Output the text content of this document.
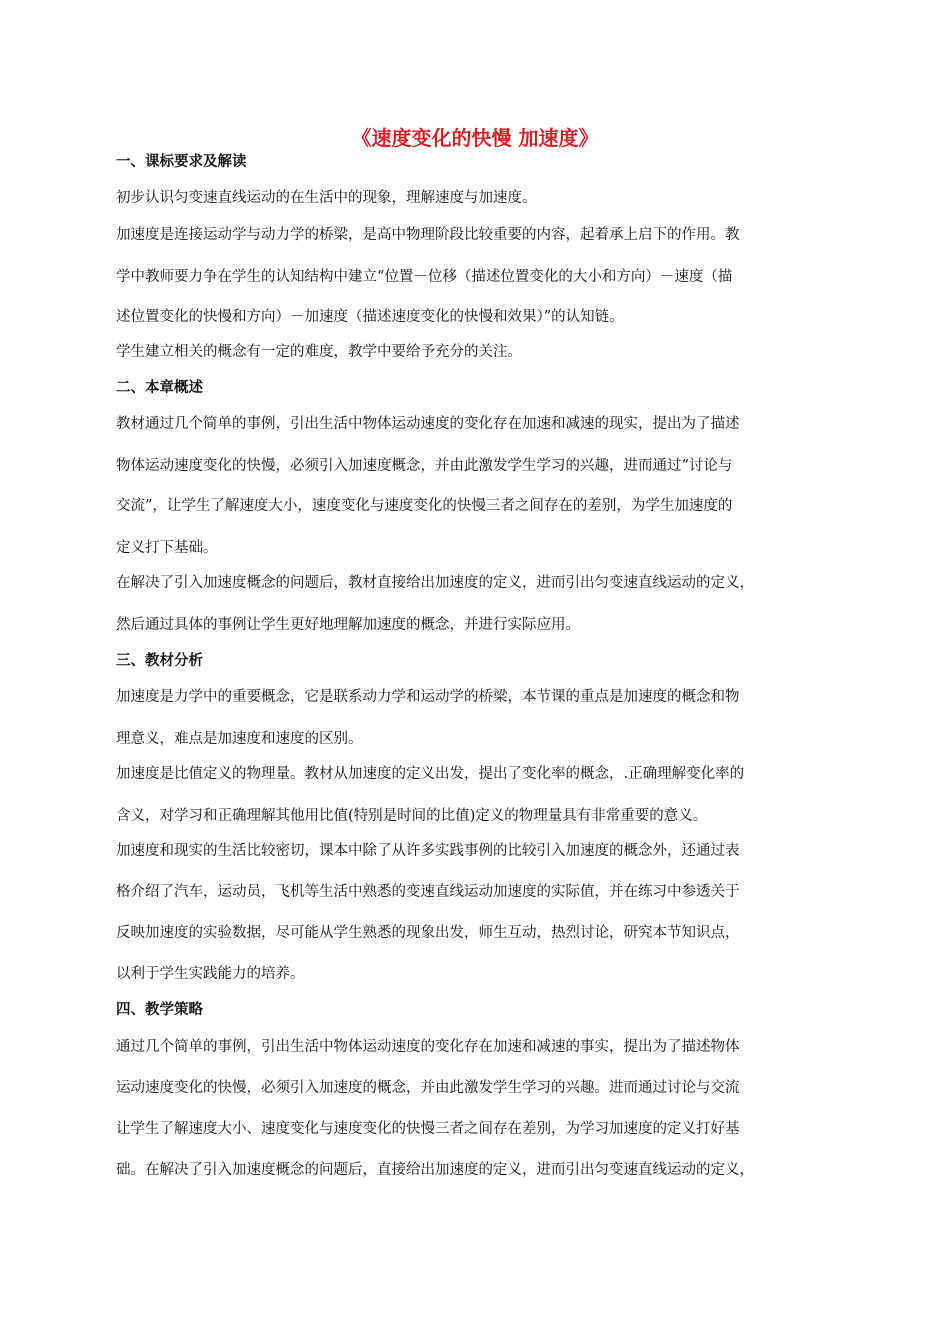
《速度变化的快慢 加速度》
一、课标要求及解读

初步认识匀变速直线运动的在生活中的现象，理解速度与加速度。

加速度是连接运动学与动力学的桥梁，是高中物理阶段比较重要的内容，起着承上启下的作用。教

学中教师要力争在学生的认知结构中建立“位置－位移（描述位置变化的大小和方向）－速度（描

述位置变化的快慢和方向）－加速度（描述速度变化的快慢和效果）”的认知链。

学生建立相关的概念有一定的难度，教学中要给予充分的关注。

二、本章概述

教材通过几个简单的事例，引出生活中物体运动速度的变化存在加速和减速的现实，提出为了描述

物体运动速度变化的快慢，必须引入加速度概念，并由此激发学生学习的兴趣，进而通过“讨论与

交流”，让学生了解速度大小，速度变化与速度变化的快慢三者之间存在的差别，为学生加速度的

定义打下基础。

在解决了引入加速度概念的问题后，教材直接给出加速度的定义，进而引出匀变速直线运动的定义，

然后通过具体的事例让学生更好地理解加速度的概念，并进行实际应用。

三、教材分析

加速度是力学中的重要概念，它是联系动力学和运动学的桥梁，本节课的重点是加速度的概念和物

理意义，难点是加速度和速度的区别。

加速度是比值定义的物理量。教材从加速度的定义出发，提出了变化率的概念，.正确理解变化率的

含义，对学习和正确理解其他用比值(特别是时间的比值)定义的物理量具有非常重要的意义。

加速度和现实的生活比较密切，课本中除了从许多实践事例的比较引入加速度的概念外，还通过表

格介绍了汽车，运动员，飞机等生活中熟悉的变速直线运动加速度的实际值，并在练习中参透关于

反映加速度的实验数据，尽可能从学生熟悉的现象出发，师生互动，热烈讨论，研究本节知识点，

以利于学生实践能力的培养。

四、教学策略

通过几个简单的事例，引出生活中物体运动速度的变化存在加速和减速的事实，提出为了描述物体

运动速度变化的快慢，必须引入加速度的概念，并由此激发学生学习的兴趣。进而通过讨论与交流

让学生了解速度大小、速度变化与速度变化的快慢三者之间存在差别，为学习加速度的定义打好基

础。在解决了引入加速度概念的问题后，直接给出加速度的定义，进而引出匀变速直线运动的定义，
